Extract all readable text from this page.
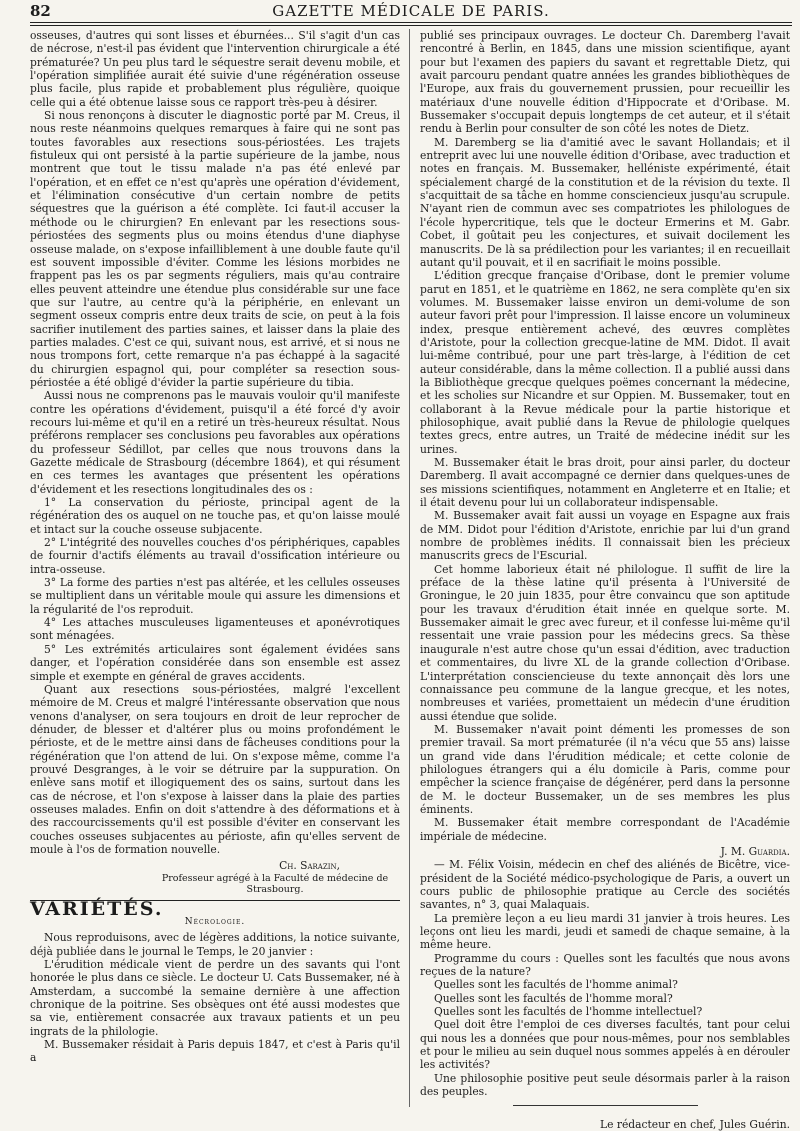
82	GAZETTE MÉDICALE DE PARIS.

osseuses, d'autres qui sont lisses et éburnées... S'il s'agit d'un cas de nécrose, n'est-il pas évident que l'intervention chirurgicale a été prématurée? Un peu plus tard le séquestre serait devenu mobile, et l'opération simplifiée aurait été suivie d'une régénération osseuse plus facile, plus rapide et probablement plus régulière, quoique celle qui a été obtenue laisse sous ce rapport très-peu à désirer.

Si nous renonçons à discuter le diagnostic porté par M. Creus, il nous reste néanmoins quelques remarques à faire qui ne sont pas toutes favorables aux resections sous-périostées. Les trajets fistuleux qui ont persisté à la partie supérieure de la jambe, nous montrent que tout le tissu malade n'a pas été enlevé par l'opération, et en effet ce n'est qu'après une opération d'évidement, et l'élimination consécutive d'un certain nombre de petits séquestres que la guérison a été complète. Ici faut-il accuser la méthode ou le chirurgien? En enlevant par les resections sous-périostées des segments plus ou moins étendus d'une diaphyse osseuse malade, on s'expose infailliblement à une double faute qu'il est souvent impossible d'éviter. Comme les lésions morbides ne frappent pas les os par segments réguliers, mais qu'au contraire elles peuvent atteindre une étendue plus considérable sur une face que sur l'autre, au centre qu'à la périphérie, en enlevant un segment osseux compris entre deux traits de scie, on peut à la fois sacrifier inutilement des parties saines, et laisser dans la plaie des parties malades. C'est ce qui, suivant nous, est arrivé, et si nous ne nous trompons fort, cette remarque n'a pas échappé à la sagacité du chirurgien espagnol qui, pour compléter sa resection sous-périostée a été obligé d'évider la partie supérieure du tibia.

Aussi nous ne comprenons pas le mauvais vouloir qu'il manifeste contre les opérations d'évidement, puisqu'il a été forcé d'y avoir recours lui-même et qu'il en a retiré un très-heureux résultat. Nous préférons remplacer ses conclusions peu favorables aux opérations du professeur Sédillot, par celles que nous trouvons dans la Gazette médicale de Strasbourg (décembre 1864), et qui résument en ces termes les avantages que présentent les opérations d'évidement et les resections longitudinales des os :

1° La conservation du périoste, principal agent de la régénération des os auquel on ne touche pas, et qu'on laisse moulé et intact sur la couche osseuse subjacente.

2° L'intégrité des nouvelles couches d'os périphériques, capables de fournir d'actifs éléments au travail d'ossification intérieure ou intra-osseuse.

3° La forme des parties n'est pas altérée, et les cellules osseuses se multiplient dans un véritable moule qui assure les dimensions et la régularité de l'os reproduit.

4° Les attaches musculeuses ligamenteuses et aponévrotiques sont ménagées.

5° Les extrémités articulaires sont également évidées sans danger, et l'opération considérée dans son ensemble est assez simple et exempte en général de graves accidents.

Quant aux resections sous-périostées, malgré l'excellent mémoire de M. Creus et malgré l'intéressante observation que nous venons d'analyser, on sera toujours en droit de leur reprocher de dénuder, de blesser et d'altérer plus ou moins profondément le périoste, et de le mettre ainsi dans de fâcheuses conditions pour la régénération que l'on attend de lui. On s'expose même, comme l'a prouvé Desgranges, à le voir se détruire par la suppuration. On enlève sans motif et illogiquement des os sains, surtout dans les cas de nécrose, et l'on s'expose à laisser dans la plaie des parties osseuses malades. Enfin on doit s'attendre à des déformations et à des raccourcissements qu'il est possible d'éviter en conservant les couches osseuses subjacentes au périoste, afin qu'elles servent de moule à l'os de formation nouvelle.

Ch. Sarazin,
Professeur agrégé à la Faculté de médecine de Strasbourg.
VARIÉTÉS.
Nécrologie.

Nous reproduisons, avec de légères additions, la notice suivante, déjà publiée dans le journal le Temps, le 20 janvier :

L'érudition médicale vient de perdre un des savants qui l'ont honorée le plus dans ce siècle. Le docteur U. Cats Bussemaker, né à Amsterdam, a succombé la semaine dernière à une affection chronique de la poitrine. Ses obsèques ont été aussi modestes que sa vie, entièrement consacrée aux travaux patients et un peu ingrats de la philologie.

M. Bussemaker résidait à Paris depuis 1847, et c'est à Paris qu'il a

publié ses principaux ouvrages. Le docteur Ch. Daremberg l'avait rencontré à Berlin, en 1845, dans une mission scientifique, ayant pour but l'examen des papiers du savant et regrettable Dietz, qui avait parcouru pendant quatre années les grandes bibliothèques de l'Europe, aux frais du gouvernement prussien, pour recueillir les matériaux d'une nouvelle édition d'Hippocrate et d'Oribase. M. Bussemaker s'occupait depuis longtemps de cet auteur, et il s'était rendu à Berlin pour consulter de son côté les notes de Dietz.

M. Daremberg se lia d'amitié avec le savant Hollandais; et il entreprit avec lui une nouvelle édition d'Oribase, avec traduction et notes en français. M. Bussemaker, helléniste expérimenté, était spécialement chargé de la constitution et de la révision du texte. Il s'acquittait de sa tâche en homme consciencieux jusqu'au scrupule. N'ayant rien de commun avec ses compatriotes les philologues de l'école hypercritique, tels que le docteur Ermerins et M. Gabr. Cobet, il goûtait peu les conjectures, et suivait docilement les manuscrits. De là sa prédilection pour les variantes; il en recueillait autant qu'il pouvait, et il en sacrifiait le moins possible.

L'édition grecque française d'Oribase, dont le premier volume parut en 1851, et le quatrième en 1862, ne sera complète qu'en six volumes. M. Bussemaker laisse environ un demi-volume de son auteur favori prêt pour l'impression. Il laisse encore un volumineux index, presque entièrement achevé, des œuvres complètes d'Aristote, pour la collection grecque-latine de MM. Didot. Il avait lui-même contribué, pour une part très-large, à l'édition de cet auteur considérable, dans la même collection. Il a publié aussi dans la Bibliothèque grecque quelques poëmes concernant la médecine, et les scholies sur Nicandre et sur Oppien. M. Bussemaker, tout en collaborant à la Revue médicale pour la partie historique et philosophique, avait publié dans la Revue de philologie quelques textes grecs, entre autres, un Traité de médecine inédit sur les urines.

M. Bussemaker était le bras droit, pour ainsi parler, du docteur Daremberg. Il avait accompagné ce dernier dans quelques-unes de ses missions scientifiques, notamment en Angleterre et en Italie; et il était devenu pour lui un collaborateur indispensable.

M. Bussemaker avait fait aussi un voyage en Espagne aux frais de MM. Didot pour l'édition d'Aristote, enrichie par lui d'un grand nombre de problèmes inédits. Il connaissait bien les précieux manuscrits grecs de l'Escurial.

Cet homme laborieux était né philologue. Il suffit de lire la préface de la thèse latine qu'il présenta à l'Université de Groningue, le 20 juin 1835, pour être convaincu que son aptitude pour les travaux d'érudition était innée en quelque sorte. M. Bussemaker aimait le grec avec fureur, et il confesse lui-même qu'il ressentait une vraie passion pour les médecins grecs. Sa thèse inaugurale n'est autre chose qu'un essai d'édition, avec traduction et commentaires, du livre XL de la grande collection d'Oribase. L'interprétation consciencieuse du texte annonçait dès lors une connaissance peu commune de la langue grecque, et les notes, nombreuses et variées, promettaient un médecin d'une érudition aussi étendue que solide.

M. Bussemaker n'avait point démenti les promesses de son premier travail. Sa mort prématurée (il n'a vécu que 55 ans) laisse un grand vide dans l'érudition médicale; et cette colonie de philologues étrangers qui a élu domicile à Paris, comme pour empêcher la science française de dégénérer, perd dans la personne de M. le docteur Bussemaker, un de ses membres les plus éminents.

M. Bussemaker était membre correspondant de l'Académie impériale de médecine.

J. M. Guardia.

— M. Félix Voisin, médecin en chef des aliénés de Bicêtre, vice-président de la Société médico-psychologique de Paris, a ouvert un cours public de philosophie pratique au Cercle des sociétés savantes, n° 3, quai Malaquais.

La première leçon a eu lieu mardi 31 janvier à trois heures. Les leçons ont lieu les mardi, jeudi et samedi de chaque semaine, à la même heure.

Programme du cours : Quelles sont les facultés que nous avons reçues de la nature?

Quelles sont les facultés de l'homme animal?

Quelles sont les facultés de l'homme moral?

Quelles sont les facultés de l'homme intellectuel?

Quel doit être l'emploi de ces diverses facultés, tant pour celui qui nous les a données que pour nous-mêmes, pour nos semblables et pour le milieu au sein duquel nous sommes appelés à en dérouler les activités?

Une philosophie positive peut seule désormais parler à la raison des peuples.

Le rédacteur en chef, Jules Guérin.
